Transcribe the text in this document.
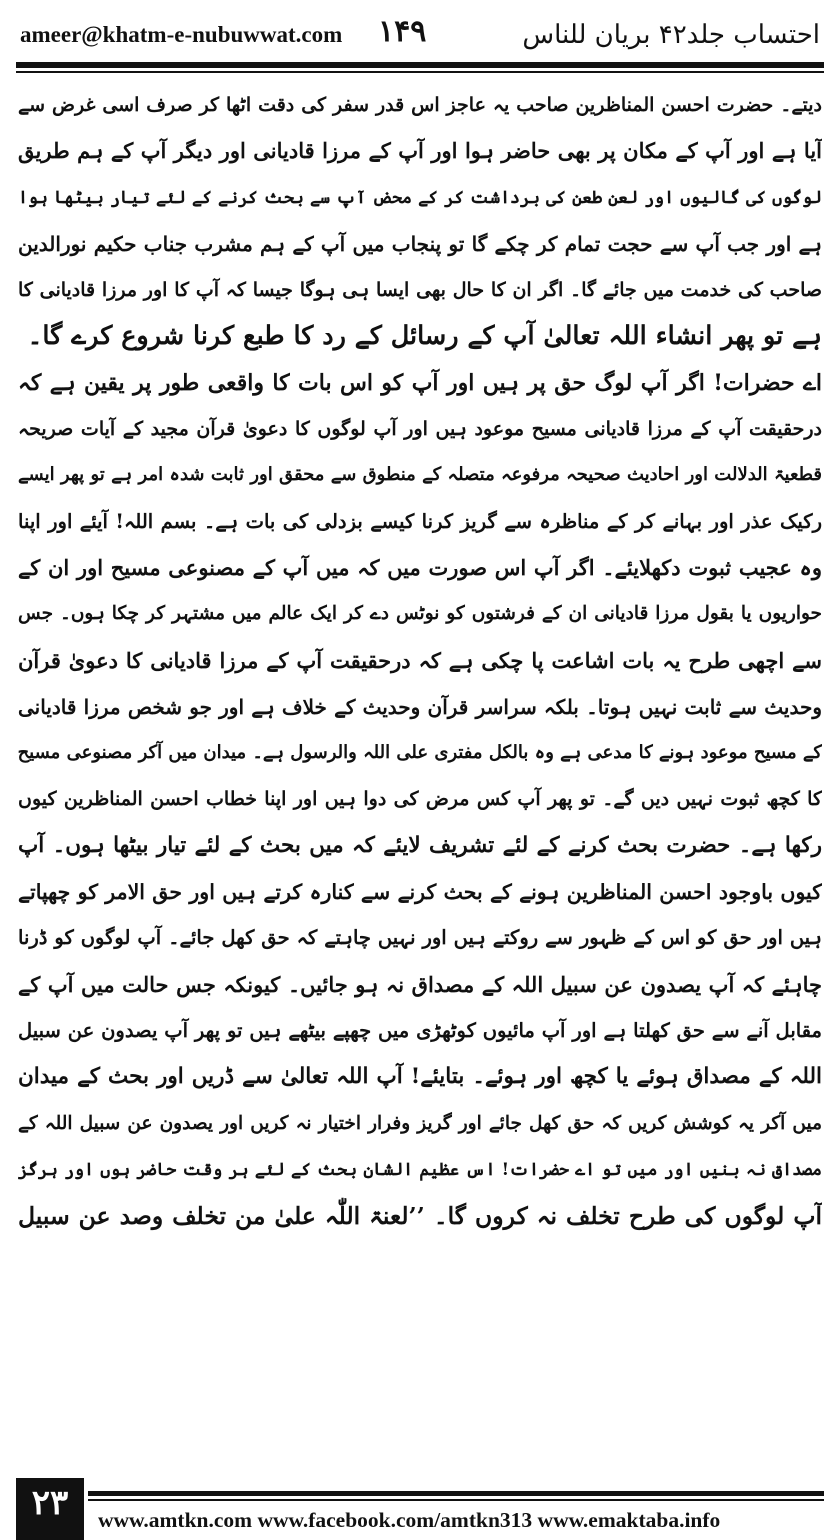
ameer@khatm-e-nubuwwat.com ۱۴۹	احتساب جلد۴۲ بریان للناس
دیتے۔ حضرت احسن المناظرین صاحب یہ عاجز اس قدر سفر کی دقت اٹھا کر صرف اسی غرض سے
آیا ہے اور آپ کے مکان پر بھی حاضر ہوا اور آپ کے مرزا قادیانی اور دیگر آپ کے ہم طریق
لوگوں کی گالیوں اور لعن طعن کی برداشت کر کے محض آپ سے بحث کرنے کے لئے تیار بیٹھا ہوا
ہے اور جب آپ سے حجت تمام کر چکے گا تو پنجاب میں آپ کے ہم مشرب جناب حکیم نورالدین
صاحب کی خدمت میں جائے گا۔ اگر ان کا حال بھی ایسا ہی ہوگا جیسا کہ آپ کا اور مرزا قادیانی کا
ہے تو پھر انشاء اللہ تعالیٰ آپ کے رسائل کے رد کا طبع کرنا شروع کرے گا۔
اے حضرات! اگر آپ لوگ حق پر ہیں اور آپ کو اس بات کا واقعی طور پر یقین ہے کہ
درحقیقت آپ کے مرزا قادیانی مسیح موعود ہیں اور آپ لوگوں کا دعویٰ قرآن مجید کے آیات صریحہ
قطعیۃ الدلالت اور احادیث صحیحہ مرفوعہ متصلہ کے منطوق سے محقق اور ثابت شدہ امر ہے تو پھر ایسے
رکیک عذر اور بہانے کر کے مناظرہ سے گریز کرنا کیسے بزدلی کی بات ہے۔ بسم اللہ! آیئے اور اپنا
وہ عجیب ثبوت دکھلایئے۔ اگر آپ اس صورت میں کہ میں آپ کے مصنوعی مسیح اور ان کے
حواریوں یا بقول مرزا قادیانی ان کے فرشتوں کو نوٹس دے کر ایک عالم میں مشتہر کر چکا ہوں۔ جس
سے اچھی طرح یہ بات اشاعت پا چکی ہے کہ درحقیقت آپ کے مرزا قادیانی کا دعویٰ قرآن
وحدیث سے ثابت نہیں ہوتا۔ بلکہ سراسر قرآن وحدیث کے خلاف ہے اور جو شخص مرزا قادیانی
کے مسیح موعود ہونے کا مدعی ہے وہ بالکل مفتری علی اللہ والرسول ہے۔ میدان میں آکر مصنوعی مسیح
کا کچھ ثبوت نہیں دیں گے۔ تو پھر آپ کس مرض کی دوا ہیں اور اپنا خطاب احسن المناظرین کیوں
رکھا ہے۔ حضرت بحث کرنے کے لئے تشریف لایئے کہ میں بحث کے لئے تیار بیٹھا ہوں۔ آپ
کیوں باوجود احسن المناظرین ہونے کے بحث کرنے سے کنارہ کرتے ہیں اور حق الامر کو چھپاتے
ہیں اور حق کو اس کے ظہور سے روکتے ہیں اور نہیں چاہتے کہ حق کھل جائے۔ آپ لوگوں کو ڈرنا
چاہئے کہ آپ یصدون عن سبیل اللہ کے مصداق نہ ہو جائیں۔ کیونکہ جس حالت میں آپ کے
مقابل آنے سے حق کھلتا ہے اور آپ مائیوں کوٹھڑی میں چھپے بیٹھے ہیں تو پھر آپ یصدون عن سبیل
اللہ کے مصداق ہوئے یا کچھ اور ہوئے۔ بتایئے! آپ اللہ تعالیٰ سے ڈریں اور بحث کے میدان
میں آکر یہ کوشش کریں کہ حق کھل جائے اور گریز وفرار اختیار نہ کریں اور یصدون عن سبیل اللہ کے
مصداق نہ بنیں اور میں تو اے حضرات! اس عظیم الشان بحث کے لئے ہر وقت حاضر ہوں اور ہرگز
آپ لوگوں کی طرح تخلف نہ کروں گا۔ ’’لعنۃ اللّٰہ علیٰ من تخلف وصد عن سبیل
۲۳	www.amtkn.com www.facebook.com/amtkn313 www.emaktaba.info
